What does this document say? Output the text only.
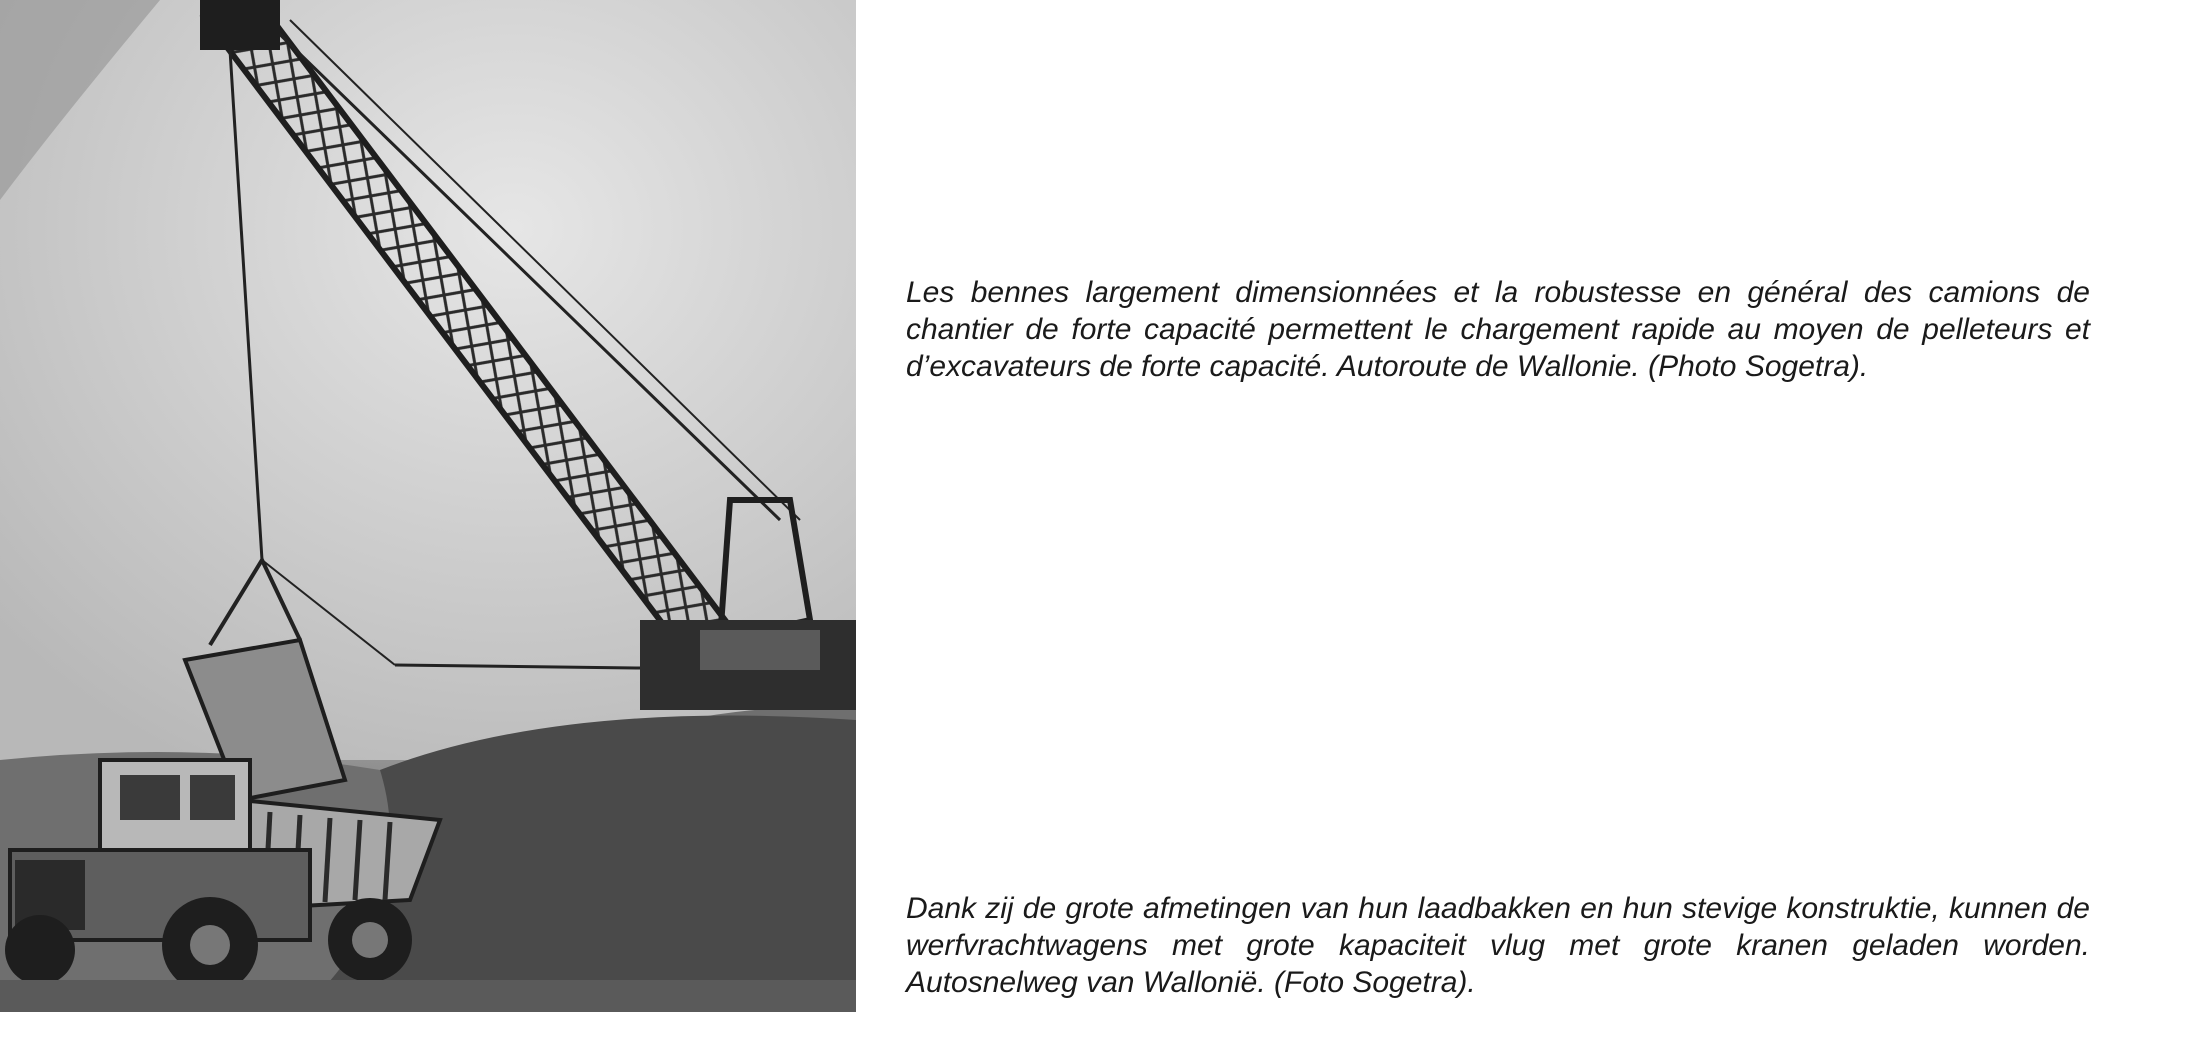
Les bennes largement dimensionnées et la robustesse en général des camions de chantier de forte capacité permettent le chargement rapide au moyen de pelleteurs et d’excavateurs de forte capacité. Autoroute de Wallonie. (Photo Sogetra).

Dank zij de grote afmetingen van hun laadbakken en hun stevige konstruktie, kunnen de werfvrachtwagens met grote kapaciteit vlug met grote kranen geladen worden. Autosnelweg van Wallonië. (Foto Sogetra).
